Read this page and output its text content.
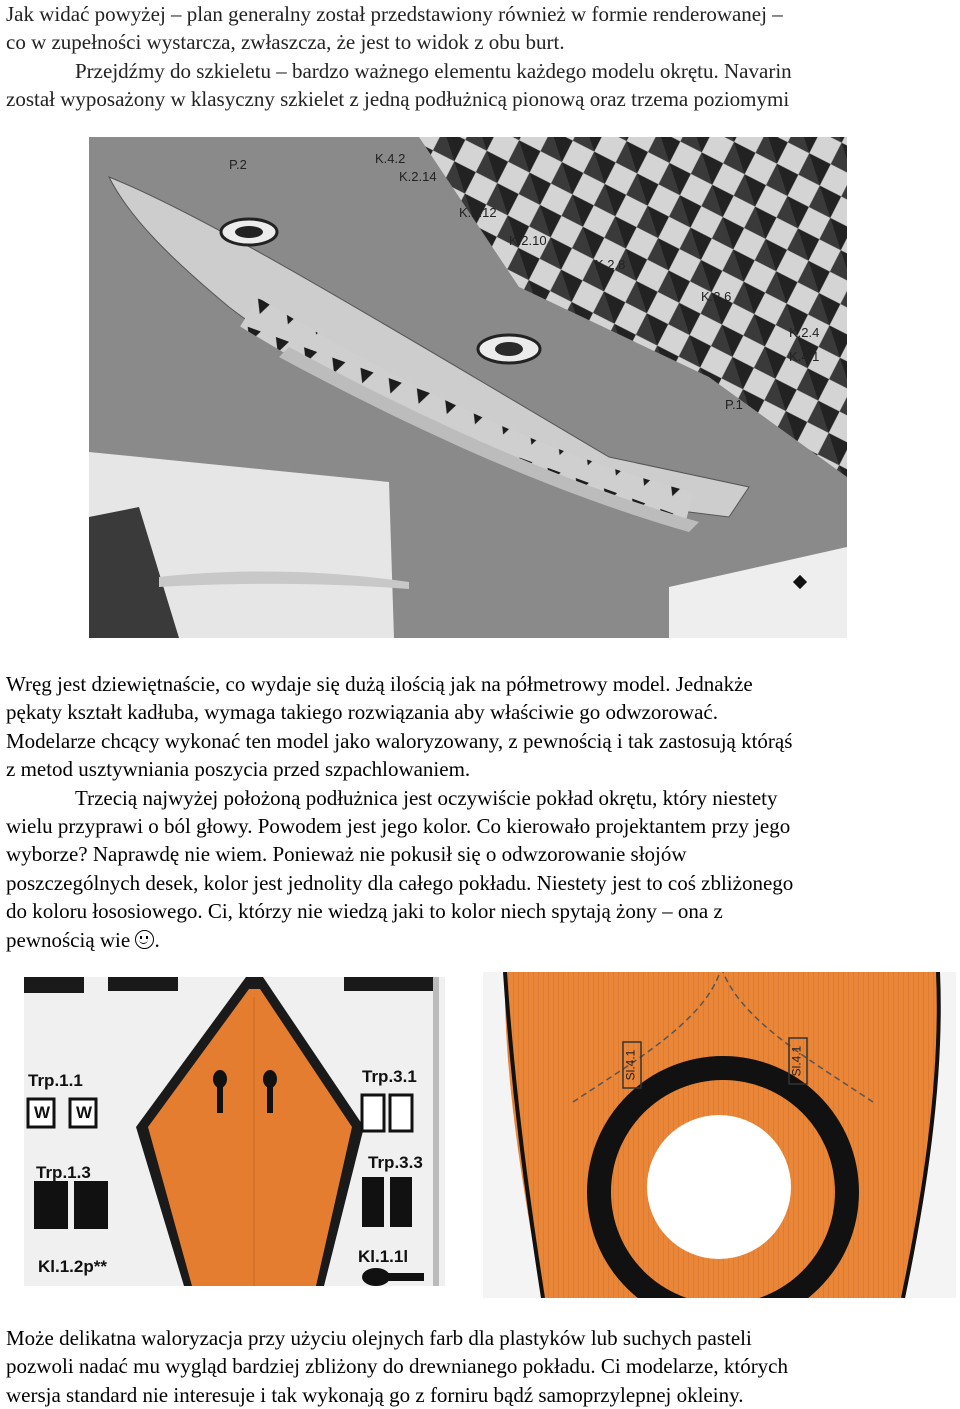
Jak widać powyżej – plan generalny został przedstawiony również w formie renderowanej –
co w zupełności wystarcza, zwłaszcza, że jest to widok z obu burt.
Przejdźmy do szkieletu – bardzo ważnego elementu każdego modelu okrętu. Navarin
został wyposażony w klasyczny szkielet z jedną podłużnicą pionową oraz trzema poziomymi
P.2	K.4.2
K.2.14
K.2.12
K.2.10
K.2.8
K.2.6
K.2.4
K.4.1
P.1
Wręg jest dziewiętnaście, co wydaje się dużą ilością jak na półmetrowy model. Jednakże
pękaty kształt kadłuba, wymaga takiego rozwiązania aby właściwie go odwzorować.
Modelarze chcący wykonać ten model jako waloryzowany, z pewnością i tak zastosują którąś
z metod usztywniania poszycia przed szpachlowaniem.
Trzecią najwyżej położoną podłużnica jest oczywiście pokład okrętu, który niestety
wielu przyprawi o ból głowy. Powodem jest jego kolor. Co kierowało projektantem przy jego
wyborze? Naprawdę nie wiem. Ponieważ nie pokusił się o odwzorowanie słojów
poszczególnych desek, kolor jest jednolity dla całego pokładu. Niestety jest to coś zbliżonego
do koloru łososiowego. Ci, którzy nie wiedzą jaki to kolor niech spytają żony – ona z
pewnością wie .
Trp.1.1
W W
Trp.1.3
Trp.3.1
Trp.3.3
Kl.1.2p**
Kl.1.1l
Sl.4.1	Sl.4.1
Może delikatna waloryzacja przy użyciu olejnych farb dla plastyków lub suchych pasteli
pozwoli nadać mu wygląd bardziej zbliżony do drewnianego pokładu. Ci modelarze, których
wersja standard nie interesuje i tak wykonają go z forniru bądź samoprzylepnej okleiny.
